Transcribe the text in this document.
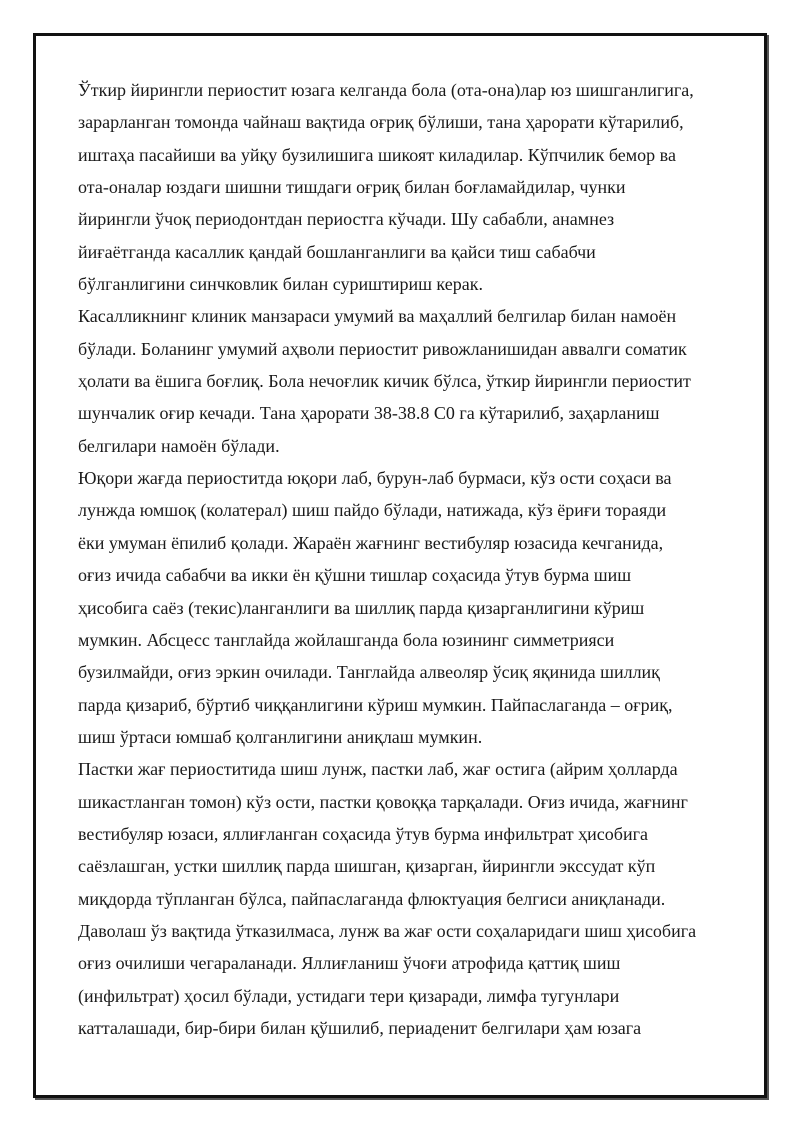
Ўткир йирингли периостит юзага келганда бола (ота-она)лар юз шишганлигига,
зарарланган томонда чайнаш вақтида оғриқ бўлиши, тана ҳарорати кўтарилиб,
иштаҳа пасайиши ва уйқу бузилишига шикоят киладилар. Кўпчилик бемор ва
ота-оналар юздаги шишни тишдаги оғриқ билан боғламайдилар, чунки
йирингли ўчоқ периодонтдан периостга кўчади. Шу сабабли, анамнез
йиғаётганда касаллик қандай бошланганлиги ва қайси тиш сабабчи
бўлганлигини синчковлик билан суриштириш керак.
Касалликнинг клиник манзараси умумий ва маҳаллий белгилар билан намоён
бўлади. Боланинг умумий аҳволи периостит ривожланишидан аввалги соматик
ҳолати ва ёшига боғлиқ. Бола нечоғлик кичик бўлса, ўткир йирингли периостит
шунчалик оғир кечади. Тана ҳарорати 38-38.8 С0 га кўтарилиб, заҳарланиш
белгилари намоён бўлади.
Юқори жағда периоститда юқори лаб, бурун-лаб бурмаси, кўз ости соҳаси ва
лунжда юмшоқ (колатерал) шиш пайдо бўлади, натижада, кўз ёриғи тораяди
ёки умуман ёпилиб қолади. Жараён жағнинг вестибуляр юзасида кечганида,
оғиз ичида сабабчи ва икки ён қўшни тишлар соҳасида ўтув бурма шиш
ҳисобига саёз (текис)ланганлиги ва шиллиқ парда қизарганлигини кўриш
мумкин. Абсцесс танглайда жойлашганда бола юзининг симметрияси
бузилмайди, оғиз эркин очилади. Танглайда алвеоляр ўсиқ яқинида шиллиқ
парда қизариб, бўртиб чиққанлигини кўриш мумкин. Пайпаслаганда – оғриқ,
шиш ўртаси юмшаб қолганлигини аниқлаш мумкин.
Пастки жағ периоститида шиш лунж, пастки лаб, жағ остига (айрим ҳолларда
шикастланган томон) кўз ости, пастки қовоққа тарқалади. Оғиз ичида, жағнинг
вестибуляр юзаси, яллиғланган соҳасида ўтув бурма инфильтрат ҳисобига
саёзлашган, устки шиллиқ парда шишган, қизарган, йирингли экссудат кўп
миқдорда тўпланган бўлса, пайпаслаганда флюктуация белгиси аниқланади.
Даволаш ўз вақтида ўтказилмаса, лунж ва жағ ости соҳаларидаги шиш ҳисобига
оғиз очилиши чегараланади. Яллиғланиш ўчоғи атрофида қаттиқ шиш
(инфильтрат) ҳосил бўлади, устидаги тери қизаради, лимфа тугунлари
катталашади, бир-бири билан қўшилиб, периаденит белгилари ҳам юзага
